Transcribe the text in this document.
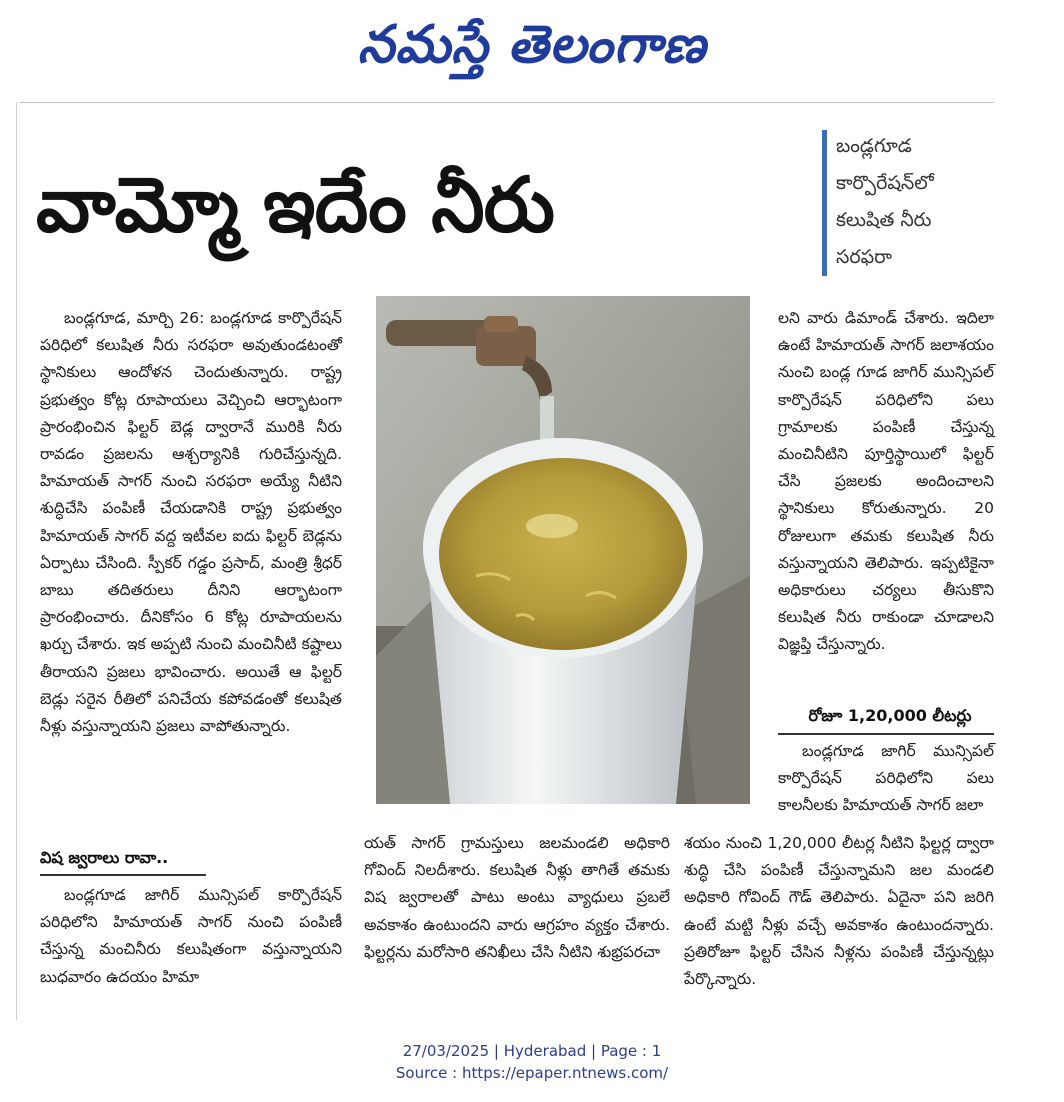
నమస్తే తెలంగాణ
వామ్మో ఇదేం నీరు
బండ్లగూడ
కార్పొరేషన్‌లో
కలుషిత నీరు
సరఫరా

బండ్లగూడ, మార్చి 26: బండ్లగూడ కార్పొరేషన్ పరిధిలో కలుషిత నీరు సరఫరా అవుతుండటంతో స్థానికులు ఆందోళన చెందుతున్నారు. రాష్ట్ర ప్రభుత్వం కోట్ల రూపాయలు వెచ్చించి ఆర్భాటంగా ప్రారంభించిన ఫిల్టర్ బెడ్ల ద్వారానే మురికి నీరు రావడం ప్రజలను ఆశ్చర్యానికి గురిచేస్తున్నది. హిమాయత్ సాగర్ నుంచి సరఫరా అయ్యే నీటిని శుద్ధిచేసి పంపిణీ చేయడానికి రాష్ట్ర ప్రభుత్వం హిమాయత్ సాగర్ వద్ద ఇటీవల ఐదు ఫిల్టర్ బెడ్లను ఏర్పాటు చేసింది. స్పీకర్ గడ్డం ప్రసాద్, మంత్రి శ్రీధర్ బాబు తదితరులు దీనిని ఆర్భాటంగా ప్రారంభించారు. దీనికోసం 6 కోట్ల రూపాయలను ఖర్చు చేశారు. ఇక అప్పటి నుంచి మంచినీటి కష్టాలు తీరాయని ప్రజలు భావించారు. అయితే ఆ ఫిల్టర్ బెడ్లు సరైన రీతిలో పనిచేయ కపోవడంతో కలుషిత నీళ్లు వస్తున్నాయని ప్రజలు వాపోతున్నారు.

విష జ్వరాలు రావా..

బండ్లగూడ జాగిర్ మున్సిపల్ కార్పొరేషన్ పరిధిలోని హిమాయత్ సాగర్ నుంచి పంపిణీ చేస్తున్న మంచినీరు కలుషితంగా వస్తున్నాయని బుధవారం ఉదయం హిమా

లని వారు డిమాండ్ చేశారు. ఇదిలా ఉంటే హిమాయత్ సాగర్ జలాశయం నుంచి బండ్ల గూడ జాగిర్ మున్సిపల్ కార్పొరేషన్ పరిధిలోని పలు గ్రామాలకు పంపిణీ చేస్తున్న మంచినీటిని పూర్తిస్థాయిలో ఫిల్టర్ చేసి ప్రజలకు అందించాలని స్థానికులు కోరుతున్నారు. 20 రోజులుగా తమకు కలుషిత నీరు వస్తున్నాయని తెలిపారు. ఇప్పటికైనా అధికారులు చర్యలు తీసుకొని కలుషిత నీరు రాకుండా చూడాలని విజ్ఞప్తి చేస్తున్నారు.

రోజూ 1,20,000 లీటర్లు

బండ్లగూడ జాగిర్ మున్సిపల్ కార్పొరేషన్ పరిధిలోని పలు కాలనీలకు హిమాయత్ సాగర్ జలా

యత్ సాగర్ గ్రామస్తులు జలమండలి అధికారి గోవింద్ నిలదీశారు. కలుషిత నీళ్లు తాగితే తమకు విష జ్వరాలతో పాటు అంటు వ్యాధులు ప్రబలే అవకాశం ఉంటుందని వారు ఆగ్రహం వ్యక్తం చేశారు. ఫిల్టర్లను మరోసారి తనిఖీలు చేసి నీటిని శుభ్రపరచా

శయం నుంచి 1,20,000 లీటర్ల నీటిని ఫిల్టర్ల ద్వారా శుద్ధి చేసి పంపిణీ చేస్తున్నామని జల మండలి అధికారి గోవింద్ గౌడ్ తెలిపారు. ఏదైనా పని జరిగి ఉంటే మట్టి నీళ్లు వచ్చే అవకాశం ఉంటుందన్నారు. ప్రతిరోజూ ఫిల్టర్ చేసిన నీళ్లను పంపిణీ చేస్తున్నట్లు పేర్కొన్నారు.

27/03/2025 | Hyderabad | Page : 1
Source : https://epaper.ntnews.com/
